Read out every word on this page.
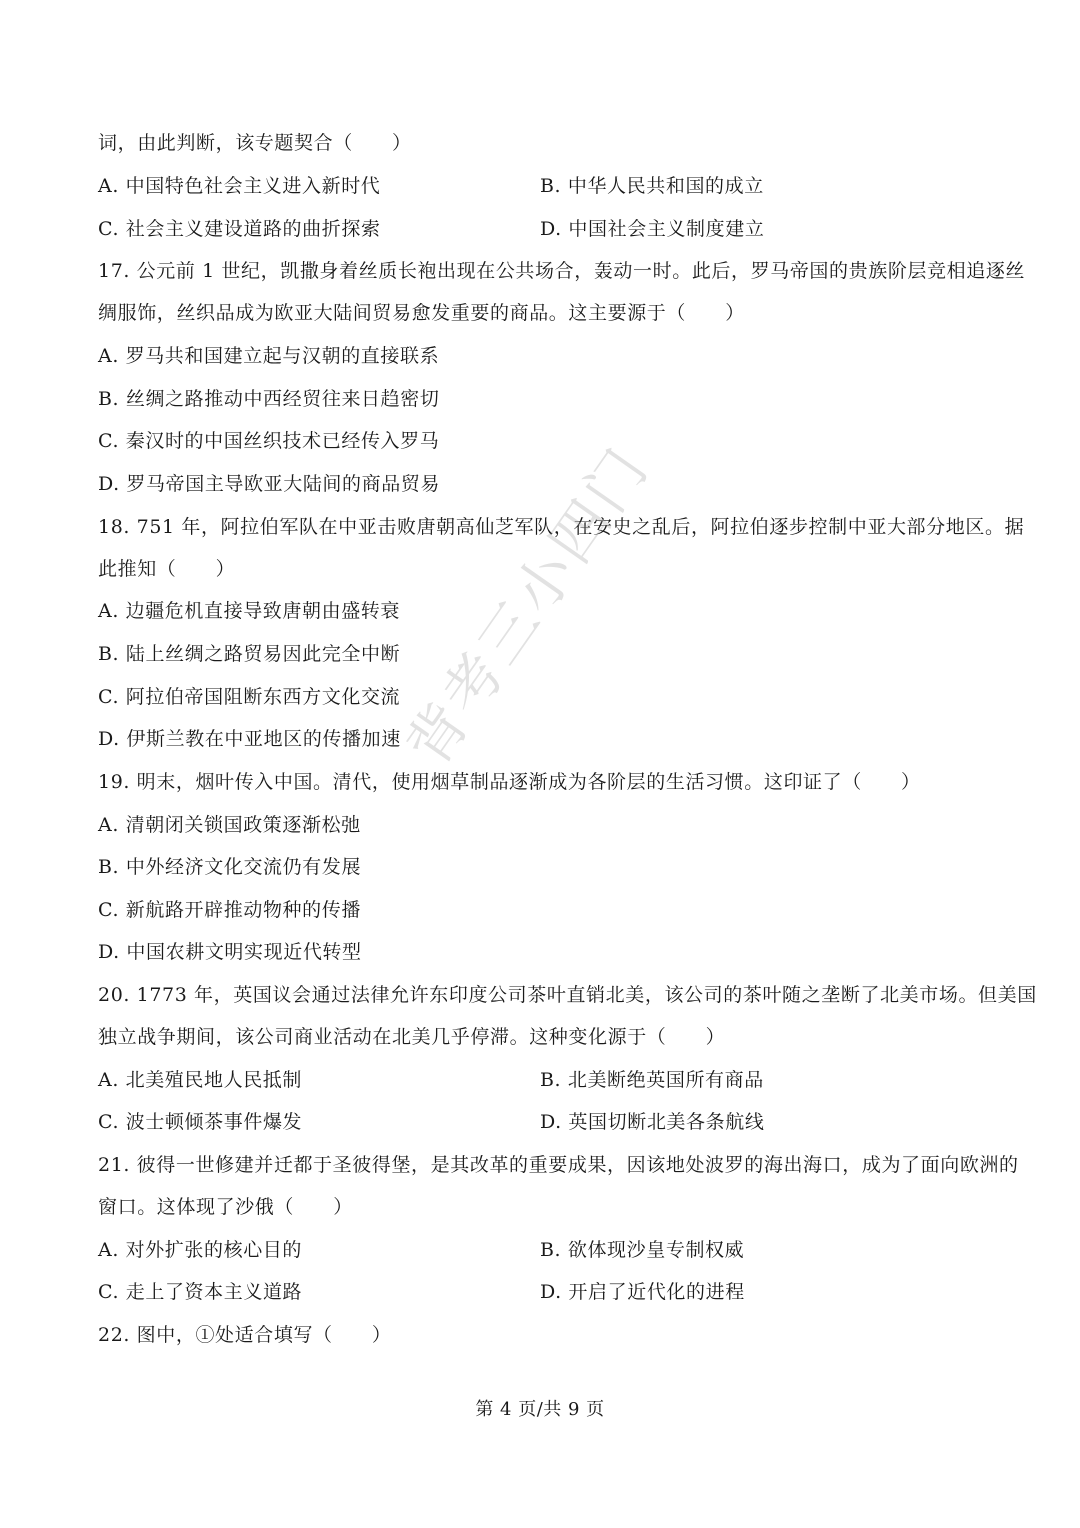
词，由此判断，该专题契合（　　）
A. 中国特色社会主义进入新时代	B. 中华人民共和国的成立
C. 社会主义建设道路的曲折探索	D. 中国社会主义制度建立
17. 公元前 1 世纪，凯撒身着丝质长袍出现在公共场合，轰动一时。此后，罗马帝国的贵族阶层竞相追逐丝
绸服饰，丝织品成为欧亚大陆间贸易愈发重要的商品。这主要源于（　　）
A. 罗马共和国建立起与汉朝的直接联系
B. 丝绸之路推动中西经贸往来日趋密切
C. 秦汉时的中国丝织技术已经传入罗马
D. 罗马帝国主导欧亚大陆间的商品贸易
18. 751 年，阿拉伯军队在中亚击败唐朝高仙芝军队，在安史之乱后，阿拉伯逐步控制中亚大部分地区。据
此推知（　　）
A. 边疆危机直接导致唐朝由盛转衰
B. 陆上丝绸之路贸易因此完全中断
C. 阿拉伯帝国阻断东西方文化交流
D. 伊斯兰教在中亚地区的传播加速
19. 明末，烟叶传入中国。清代，使用烟草制品逐渐成为各阶层的生活习惯。这印证了（　　）
A. 清朝闭关锁国政策逐渐松弛
B. 中外经济文化交流仍有发展
C. 新航路开辟推动物种的传播
D. 中国农耕文明实现近代转型
20. 1773 年，英国议会通过法律允许东印度公司茶叶直销北美，该公司的茶叶随之垄断了北美市场。但美国
独立战争期间，该公司商业活动在北美几乎停滞。这种变化源于（　　）
A. 北美殖民地人民抵制	B. 北美断绝英国所有商品
C. 波士顿倾茶事件爆发	D. 英国切断北美各条航线
21. 彼得一世修建并迁都于圣彼得堡，是其改革的重要成果，因该地处波罗的海出海口，成为了面向欧洲的
窗口。这体现了沙俄（　　）
A. 对外扩张的核心目的	B. 欲体现沙皇专制权威
C. 走上了资本主义道路	D. 开启了近代化的进程
22. 图中，①处适合填写（　　）
背考三小四门
第 4 页/共 9 页
